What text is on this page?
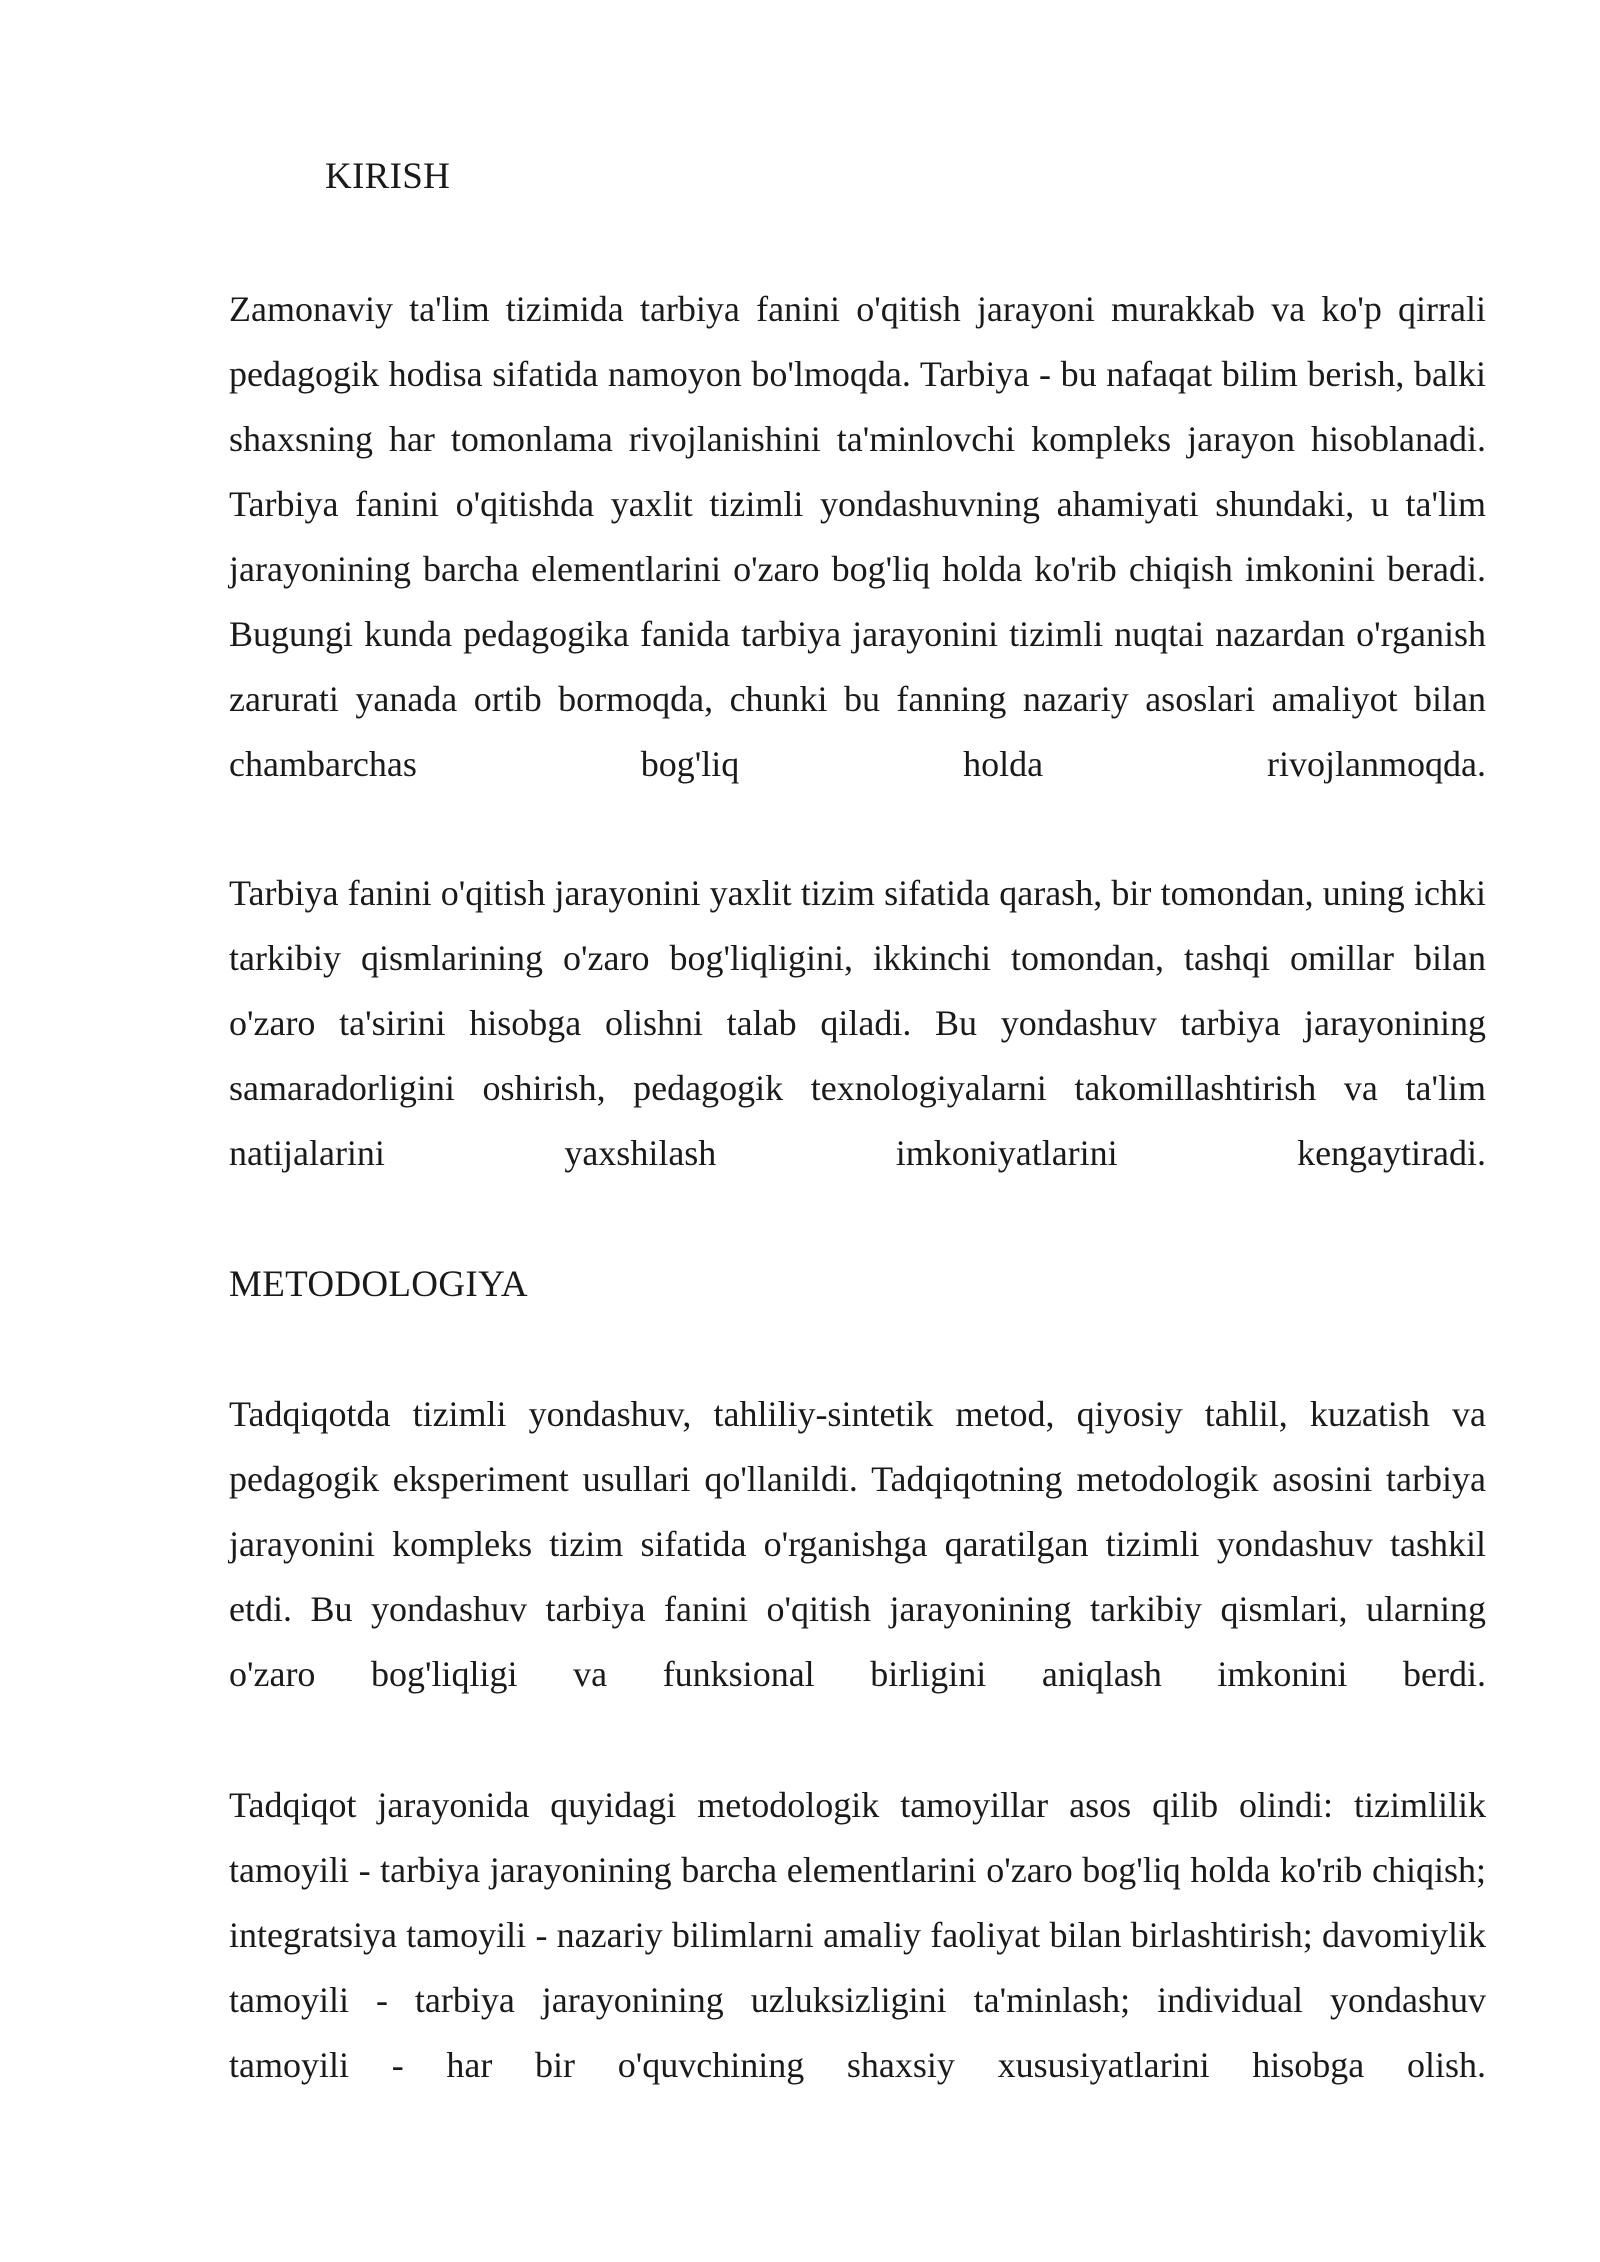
KIRISH

Zamonaviy ta'lim tizimida tarbiya fanini o'qitish jarayoni murakkab va ko'p qirrali pedagogik hodisa sifatida namoyon bo'lmoqda. Tarbiya - bu nafaqat bilim berish, balki shaxsning har tomonlama rivojlanishini ta'minlovchi kompleks jarayon hisoblanadi. Tarbiya fanini o'qitishda yaxlit tizimli yondashuvning ahamiyati shundaki, u ta'lim jarayonining barcha elementlarini o'zaro bog'liq holda ko'rib chiqish imkonini beradi. Bugungi kunda pedagogika fanida tarbiya jarayonini tizimli nuqtai nazardan o'rganish zarurati yanada ortib bormoqda, chunki bu fanning nazariy asoslari amaliyot bilan chambarchas bog'liq holda rivojlanmoqda.

Tarbiya fanini o'qitish jarayonini yaxlit tizim sifatida qarash, bir tomondan, uning ichki tarkibiy qismlarining o'zaro bog'liqligini, ikkinchi tomondan, tashqi omillar bilan o'zaro ta'sirini hisobga olishni talab qiladi. Bu yondashuv tarbiya jarayonining samaradorligini oshirish, pedagogik texnologiyalarni takomillashtirish va ta'lim natijalarini yaxshilash imkoniyatlarini kengaytiradi.

METODOLOGIYA

Tadqiqotda tizimli yondashuv, tahliliy-sintetik metod, qiyosiy tahlil, kuzatish va pedagogik eksperiment usullari qo'llanildi. Tadqiqotning metodologik asosini tarbiya jarayonini kompleks tizim sifatida o'rganishga qaratilgan tizimli yondashuv tashkil etdi. Bu yondashuv tarbiya fanini o'qitish jarayonining tarkibiy qismlari, ularning o'zaro bog'liqligi va funksional birligini aniqlash imkonini berdi.

Tadqiqot jarayonida quyidagi metodologik tamoyillar asos qilib olindi: tizimlilik tamoyili - tarbiya jarayonining barcha elementlarini o'zaro bog'liq holda ko'rib chiqish; integratsiya tamoyili - nazariy bilimlarni amaliy faoliyat bilan birlashtirish; davomiylik tamoyili - tarbiya jarayonining uzluksizligini ta'minlash; individual yondashuv tamoyili - har bir o'quvchining shaxsiy xususiyatlarini hisobga olish.
